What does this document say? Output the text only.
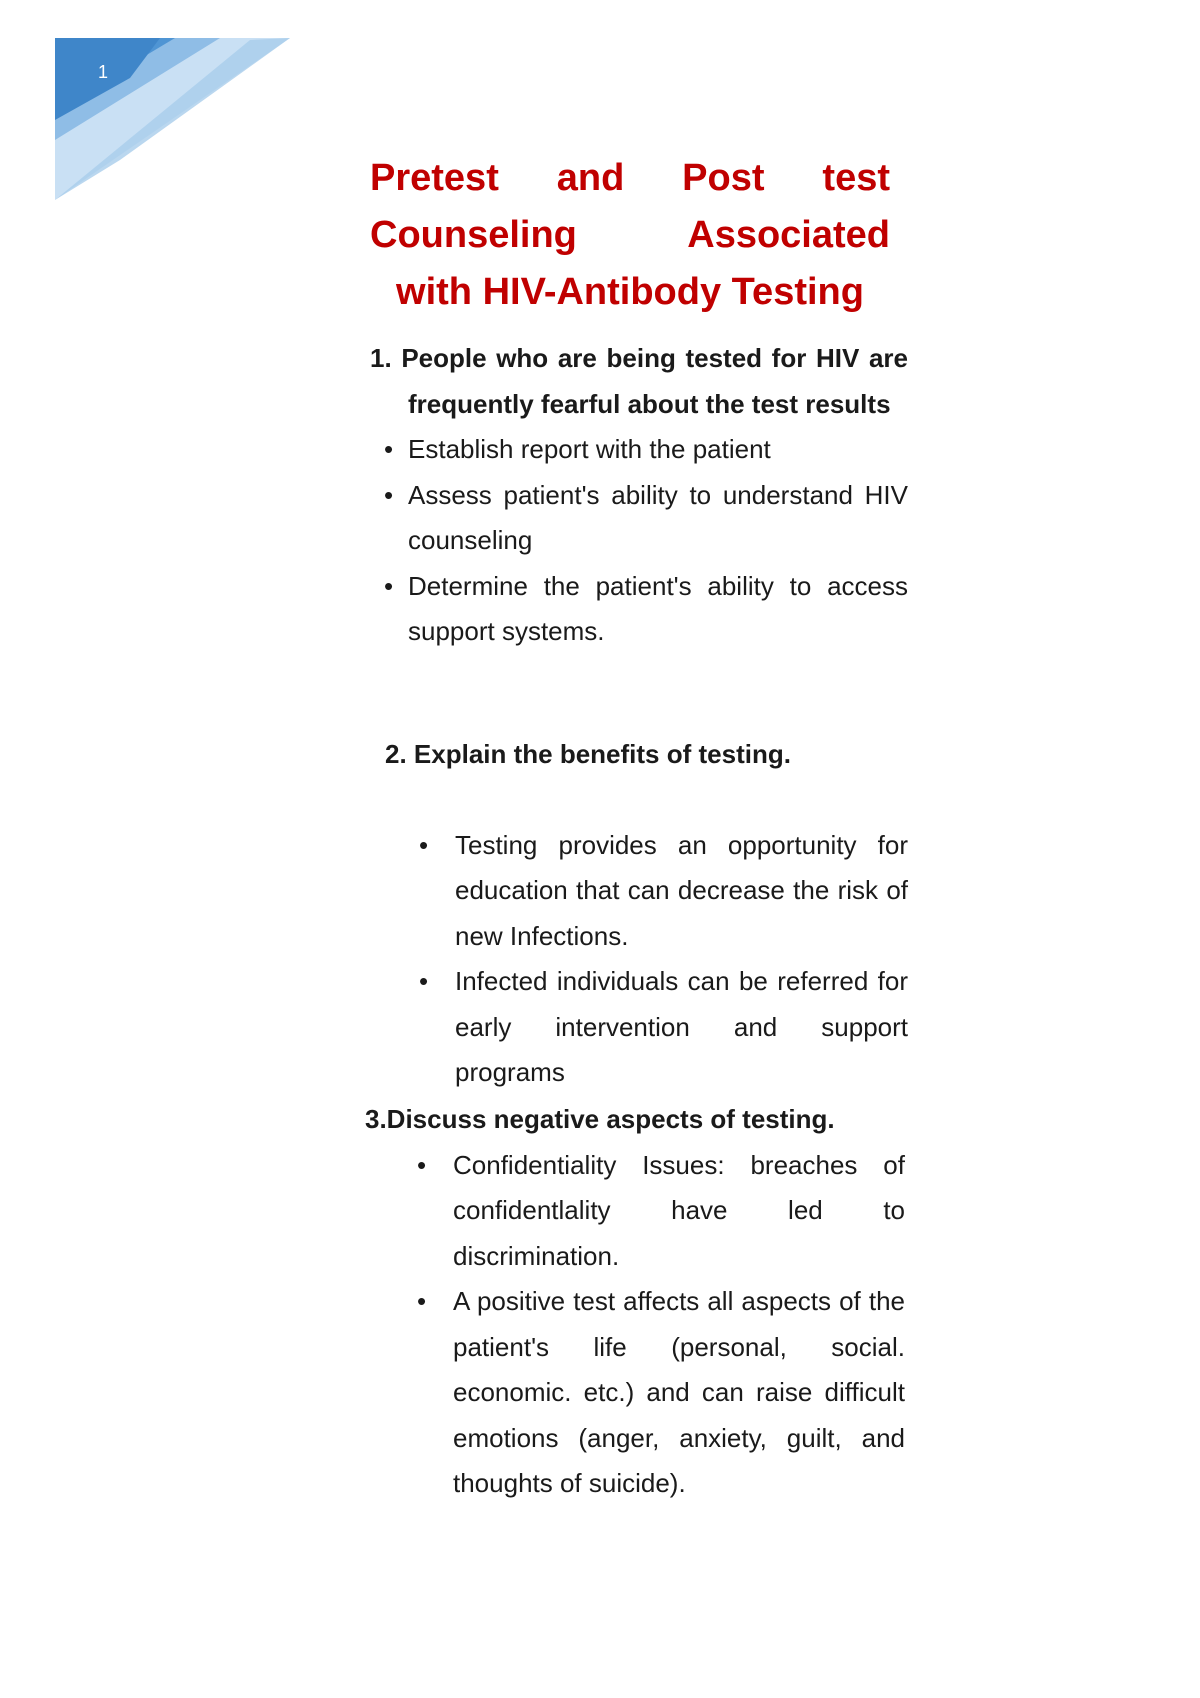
1
Pretest and Post test
Counseling Associated
with HIV-Antibody Testing
1. People who are being tested for HIV are frequently fearful about the test results
• Establish report with the patient
• Assess patient's ability to understand HIV counseling
• Determine the patient's ability to access support systems.
2. Explain the benefits of testing.
• Testing provides an opportunity for education that can decrease the risk of new Infections.
• Infected individuals can be referred for early intervention and support programs
3.Discuss negative aspects of testing.
• Confidentiality Issues: breaches of confidentlality have led to discrimination.
• A positive test affects all aspects of the patient's life (personal, social. economic. etc.) and can raise difficult emotions (anger, anxiety, guilt, and thoughts of suicide).
